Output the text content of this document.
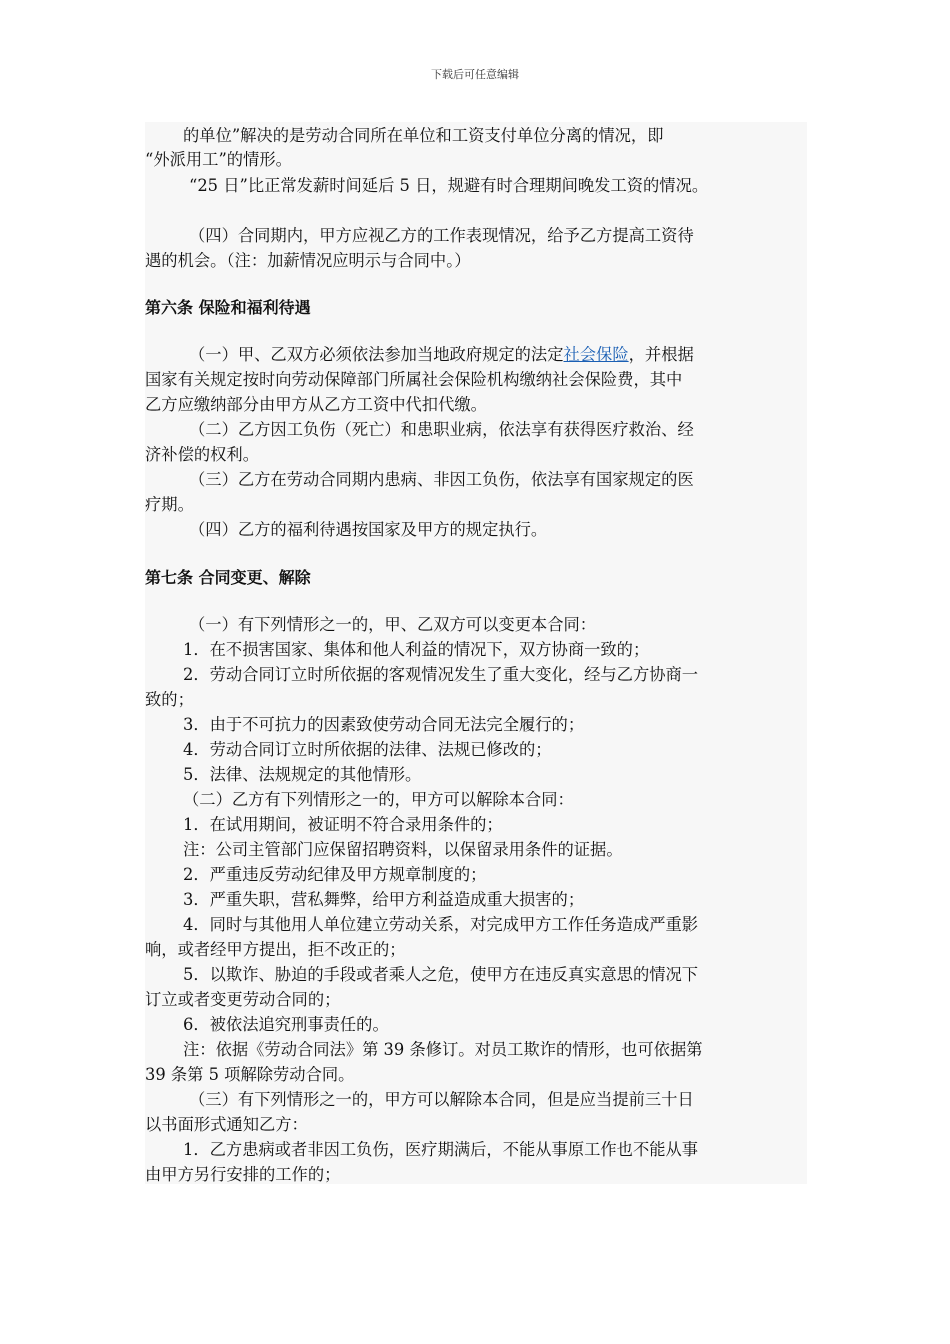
下载后可任意编辑
的单位”解决的是劳动合同所在单位和工资支付单位分离的情况，即
“外派用工”的情形。
“25 日”比正常发薪时间延后 5 日，规避有时合理期间晚发工资的情况。
（四）合同期内，甲方应视乙方的工作表现情况，给予乙方提高工资待
遇的机会。（注：加薪情况应明示与合同中。）
第六条 保险和福利待遇
（一）甲、乙双方必须依法参加当地政府规定的法定社会保险，并根据
国家有关规定按时向劳动保障部门所属社会保险机构缴纳社会保险费，其中
乙方应缴纳部分由甲方从乙方工资中代扣代缴。
（二）乙方因工负伤（死亡）和患职业病，依法享有获得医疗救治、经
济补偿的权利。
（三）乙方在劳动合同期内患病、非因工负伤，依法享有国家规定的医
疗期。
（四）乙方的福利待遇按国家及甲方的规定执行。
第七条 合同变更、解除
（一）有下列情形之一的，甲、乙双方可以变更本合同：
1．在不损害国家、集体和他人利益的情况下，双方协商一致的；
2．劳动合同订立时所依据的客观情况发生了重大变化，经与乙方协商一
致的；
3．由于不可抗力的因素致使劳动合同无法完全履行的；
4．劳动合同订立时所依据的法律、法规已修改的；
5．法律、法规规定的其他情形。
（二）乙方有下列情形之一的，甲方可以解除本合同：
1．在试用期间，被证明不符合录用条件的；
注：公司主管部门应保留招聘资料，以保留录用条件的证据。
2．严重违反劳动纪律及甲方规章制度的；
3．严重失职，营私舞弊，给甲方利益造成重大损害的；
4．同时与其他用人单位建立劳动关系，对完成甲方工作任务造成严重影
响，或者经甲方提出，拒不改正的；
5．以欺诈、胁迫的手段或者乘人之危，使甲方在违反真实意思的情况下
订立或者变更劳动合同的；
6．被依法追究刑事责任的。
注：依据《劳动合同法》第 39 条修订。对员工欺诈的情形，也可依据第
39 条第 5 项解除劳动合同。
（三）有下列情形之一的，甲方可以解除本合同，但是应当提前三十日
以书面形式通知乙方：
1．乙方患病或者非因工负伤，医疗期满后，不能从事原工作也不能从事
由甲方另行安排的工作的；
